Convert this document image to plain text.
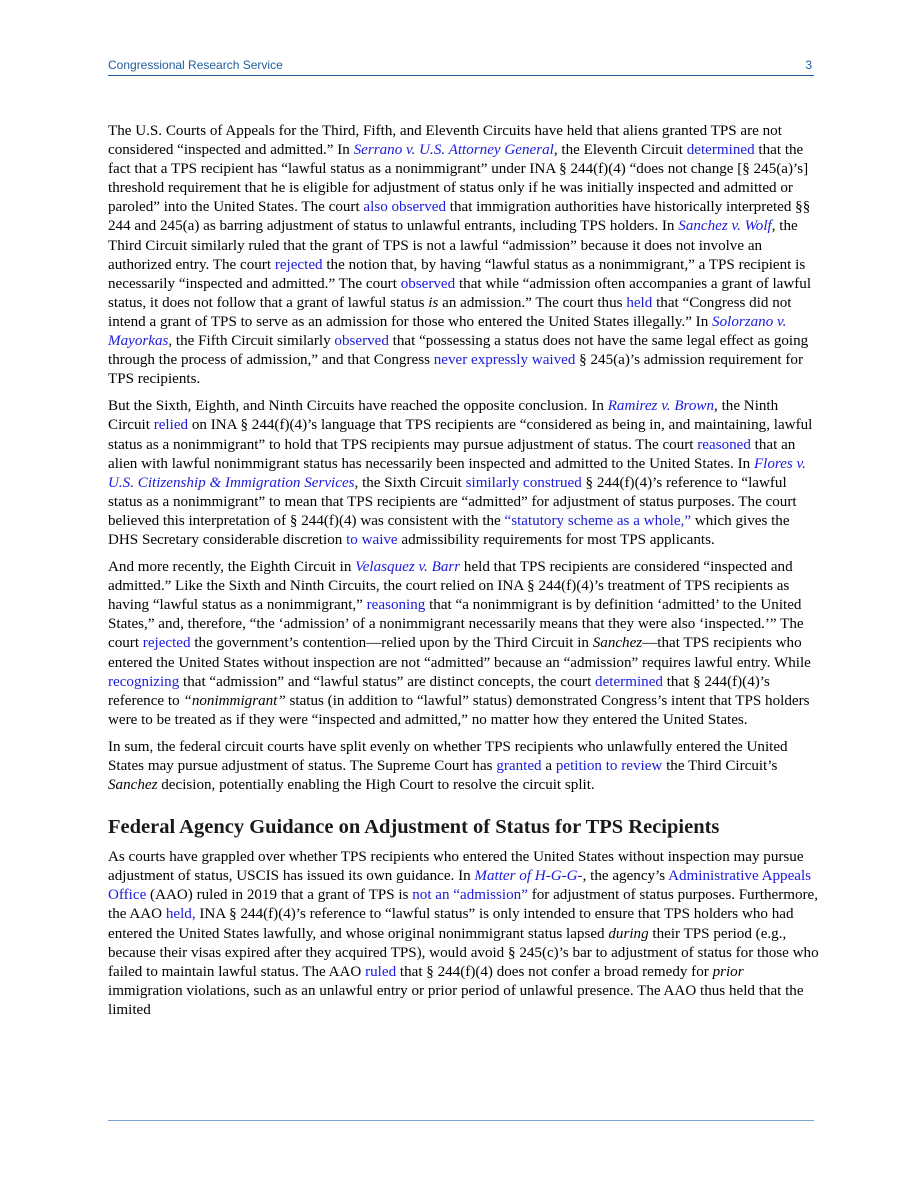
Congressional Research Service	3

The U.S. Courts of Appeals for the Third, Fifth, and Eleventh Circuits have held that aliens granted TPS are not considered “inspected and admitted.” In Serrano v. U.S. Attorney General, the Eleventh Circuit determined that the fact that a TPS recipient has “lawful status as a nonimmigrant” under INA § 244(f)(4) “does not change [§ 245(a)’s] threshold requirement that he is eligible for adjustment of status only if he was initially inspected and admitted or paroled” into the United States. The court also observed that immigration authorities have historically interpreted §§ 244 and 245(a) as barring adjustment of status to unlawful entrants, including TPS holders. In Sanchez v. Wolf, the Third Circuit similarly ruled that the grant of TPS is not a lawful “admission” because it does not involve an authorized entry. The court rejected the notion that, by having “lawful status as a nonimmigrant,” a TPS recipient is necessarily “inspected and admitted.” The court observed that while “admission often accompanies a grant of lawful status, it does not follow that a grant of lawful status is an admission.” The court thus held that “Congress did not intend a grant of TPS to serve as an admission for those who entered the United States illegally.” In Solorzano v. Mayorkas, the Fifth Circuit similarly observed that “possessing a status does not have the same legal effect as going through the process of admission,” and that Congress never expressly waived § 245(a)’s admission requirement for TPS recipients.

But the Sixth, Eighth, and Ninth Circuits have reached the opposite conclusion. In Ramirez v. Brown, the Ninth Circuit relied on INA § 244(f)(4)’s language that TPS recipients are “considered as being in, and maintaining, lawful status as a nonimmigrant” to hold that TPS recipients may pursue adjustment of status. The court reasoned that an alien with lawful nonimmigrant status has necessarily been inspected and admitted to the United States. In Flores v. U.S. Citizenship & Immigration Services, the Sixth Circuit similarly construed § 244(f)(4)’s reference to “lawful status as a nonimmigrant” to mean that TPS recipients are “admitted” for adjustment of status purposes. The court believed this interpretation of § 244(f)(4) was consistent with the “statutory scheme as a whole,” which gives the DHS Secretary considerable discretion to waive admissibility requirements for most TPS applicants.

And more recently, the Eighth Circuit in Velasquez v. Barr held that TPS recipients are considered “inspected and admitted.” Like the Sixth and Ninth Circuits, the court relied on INA § 244(f)(4)’s treatment of TPS recipients as having “lawful status as a nonimmigrant,” reasoning that “a nonimmigrant is by definition ‘admitted’ to the United States,” and, therefore, “the ‘admission’ of a nonimmigrant necessarily means that they were also ‘inspected.’” The court rejected the government’s contention—relied upon by the Third Circuit in Sanchez—that TPS recipients who entered the United States without inspection are not “admitted” because an “admission” requires lawful entry. While recognizing that “admission” and “lawful status” are distinct concepts, the court determined that § 244(f)(4)’s reference to “nonimmigrant” status (in addition to “lawful” status) demonstrated Congress’s intent that TPS holders were to be treated as if they were “inspected and admitted,” no matter how they entered the United States.

In sum, the federal circuit courts have split evenly on whether TPS recipients who unlawfully entered the United States may pursue adjustment of status. The Supreme Court has granted a petition to review the Third Circuit’s Sanchez decision, potentially enabling the High Court to resolve the circuit split.

Federal Agency Guidance on Adjustment of Status for TPS Recipients

As courts have grappled over whether TPS recipients who entered the United States without inspection may pursue adjustment of status, USCIS has issued its own guidance. In Matter of H-G-G-, the agency’s Administrative Appeals Office (AAO) ruled in 2019 that a grant of TPS is not an “admission” for adjustment of status purposes. Furthermore, the AAO held, INA § 244(f)(4)’s reference to “lawful status” is only intended to ensure that TPS holders who had entered the United States lawfully, and whose original nonimmigrant status lapsed during their TPS period (e.g., because their visas expired after they acquired TPS), would avoid § 245(c)’s bar to adjustment of status for those who failed to maintain lawful status. The AAO ruled that § 244(f)(4) does not confer a broad remedy for prior immigration violations, such as an unlawful entry or prior period of unlawful presence. The AAO thus held that the limited
